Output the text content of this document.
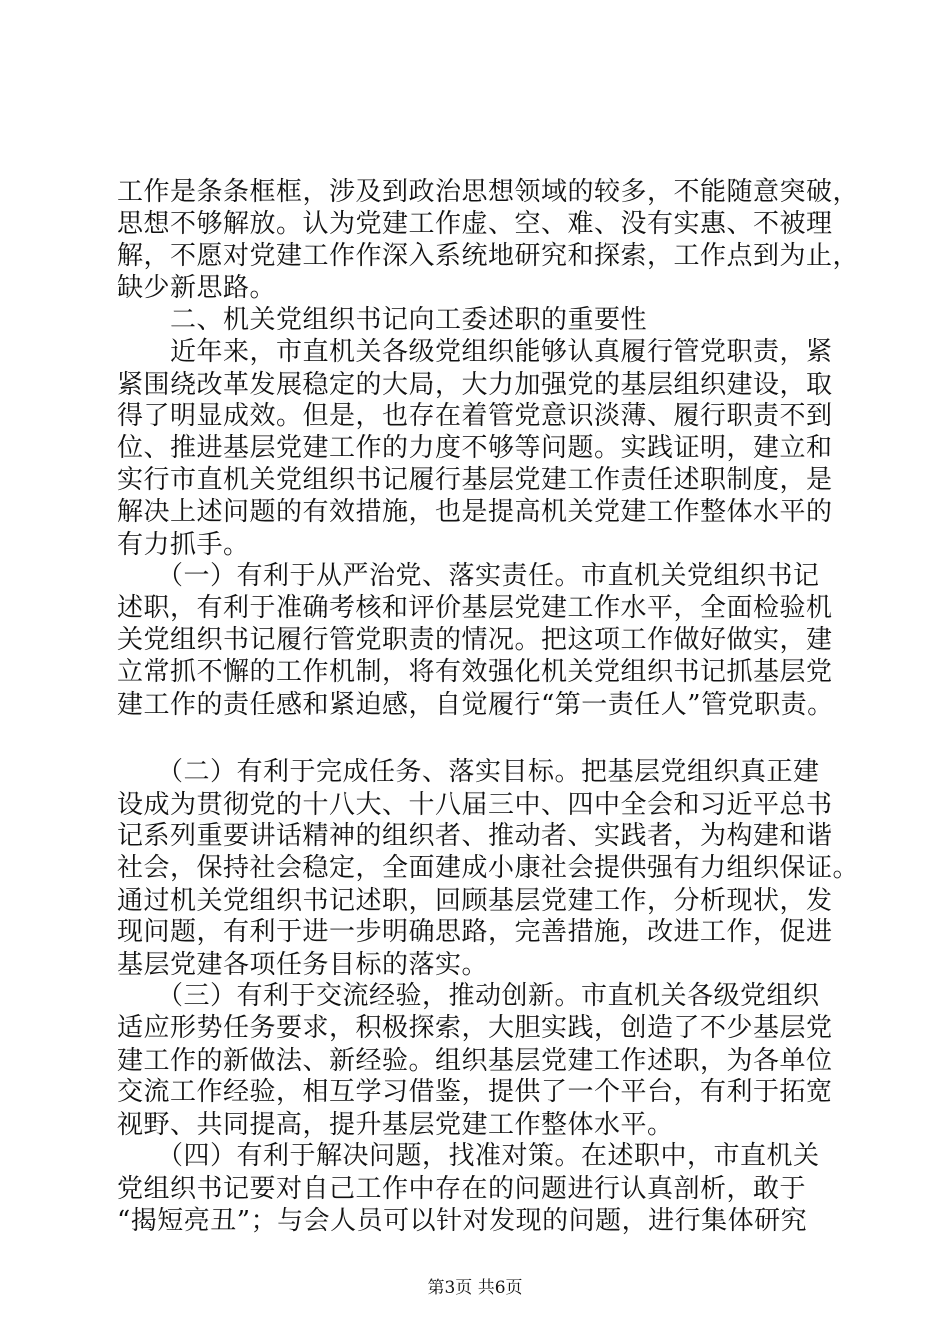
工作是条条框框，涉及到政治思想领域的较多，不能随意突破，
思想不够解放。认为党建工作虚、空、难、没有实惠、不被理
解，不愿对党建工作作深入系统地研究和探索，工作点到为止，
缺少新思路。
　　二、机关党组织书记向工委述职的重要性
　　近年来，市直机关各级党组织能够认真履行管党职责，紧
紧围绕改革发展稳定的大局，大力加强党的基层组织建设，取
得了明显成效。但是，也存在着管党意识淡薄、履行职责不到
位、推进基层党建工作的力度不够等问题。实践证明，建立和
实行市直机关党组织书记履行基层党建工作责任述职制度，是
解决上述问题的有效措施，也是提高机关党建工作整体水平的
有力抓手。
　　（一）有利于从严治党、落实责任。市直机关党组织书记
述职，有利于准确考核和评价基层党建工作水平，全面检验机
关党组织书记履行管党职责的情况。把这项工作做好做实，建
立常抓不懈的工作机制，将有效强化机关党组织书记抓基层党
建工作的责任感和紧迫感，自觉履行“第一责任人”管党职责。
　　（二）有利于完成任务、落实目标。把基层党组织真正建
设成为贯彻党的十八大、十八届三中、四中全会和习近平总书
记系列重要讲话精神的组织者、推动者、实践者，为构建和谐
社会，保持社会稳定，全面建成小康社会提供强有力组织保证。
通过机关党组织书记述职，回顾基层党建工作，分析现状，发
现问题，有利于进一步明确思路，完善措施，改进工作，促进
基层党建各项任务目标的落实。
　　（三）有利于交流经验，推动创新。市直机关各级党组织
适应形势任务要求，积极探索，大胆实践，创造了不少基层党
建工作的新做法、新经验。组织基层党建工作述职，为各单位
交流工作经验，相互学习借鉴，提供了一个平台，有利于拓宽
视野、共同提高，提升基层党建工作整体水平。
　　（四）有利于解决问题，找准对策。在述职中，市直机关
党组织书记要对自己工作中存在的问题进行认真剖析，敢于
“揭短亮丑”；与会人员可以针对发现的问题，进行集体研究
第3页 共6页
